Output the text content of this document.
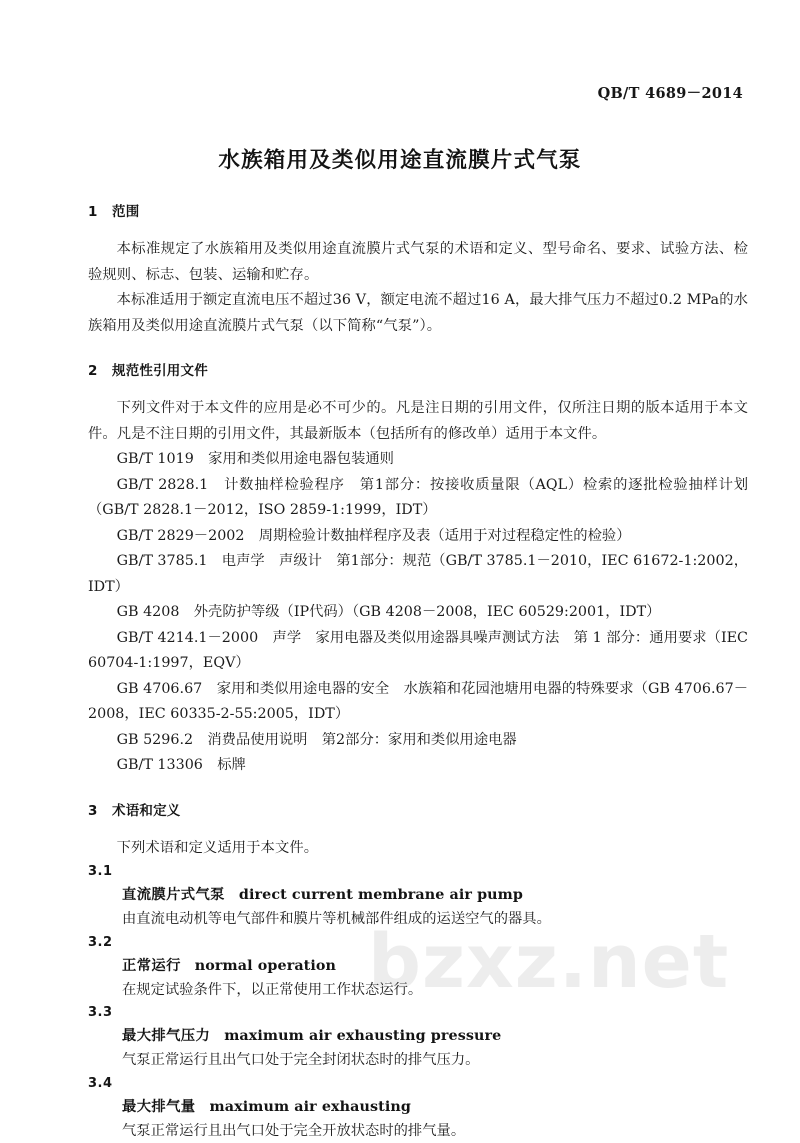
bzxz.net
QB/T 4689－2014
水族箱用及类似用途直流膜片式气泵
1 范围

本标准规定了水族箱用及类似用途直流膜片式气泵的术语和定义、型号命名、要求、试验方法、检验规则、标志、包装、运输和贮存。

本标准适用于额定直流电压不超过36 V，额定电流不超过16 A，最大排气压力不超过0.2 MPa的水族箱用及类似用途直流膜片式气泵（以下简称“气泵”）。

2 规范性引用文件

下列文件对于本文件的应用是必不可少的。凡是注日期的引用文件，仅所注日期的版本适用于本文件。凡是不注日期的引用文件，其最新版本（包括所有的修改单）适用于本文件。

GB/T 1019　家用和类似用途电器包装通则

GB/T 2828.1　计数抽样检验程序　第1部分：按接收质量限（AQL）检索的逐批检验抽样计划（GB/T 2828.1－2012，ISO 2859-1:1999，IDT）

GB/T 2829－2002　周期检验计数抽样程序及表（适用于对过程稳定性的检验）

GB/T 3785.1　电声学　声级计　第1部分：规范（GB/T 3785.1－2010，IEC 61672-1:2002，IDT）

GB 4208　外壳防护等级（IP代码）（GB 4208－2008，IEC 60529:2001，IDT）

GB/T 4214.1－2000　声学　家用电器及类似用途器具噪声测试方法　第 1 部分：通用要求（IEC 60704-1:1997，EQV）

GB 4706.67　家用和类似用途电器的安全　水族箱和花园池塘用电器的特殊要求（GB 4706.67－2008，IEC 60335-2-55:2005，IDT）

GB 5296.2　消费品使用说明　第2部分：家用和类似用途电器

GB/T 13306　标牌

3 术语和定义

下列术语和定义适用于本文件。

3.1

直流膜片式气泵 direct current membrane air pump

由直流电动机等电气部件和膜片等机械部件组成的运送空气的器具。

3.2

正常运行 normal operation

在规定试验条件下，以正常使用工作状态运行。

3.3

最大排气压力 maximum air exhausting pressure

气泵正常运行且出气口处于完全封闭状态时的排气压力。

3.4

最大排气量 maximum air exhausting

气泵正常运行且出气口处于完全开放状态时的排气量。
